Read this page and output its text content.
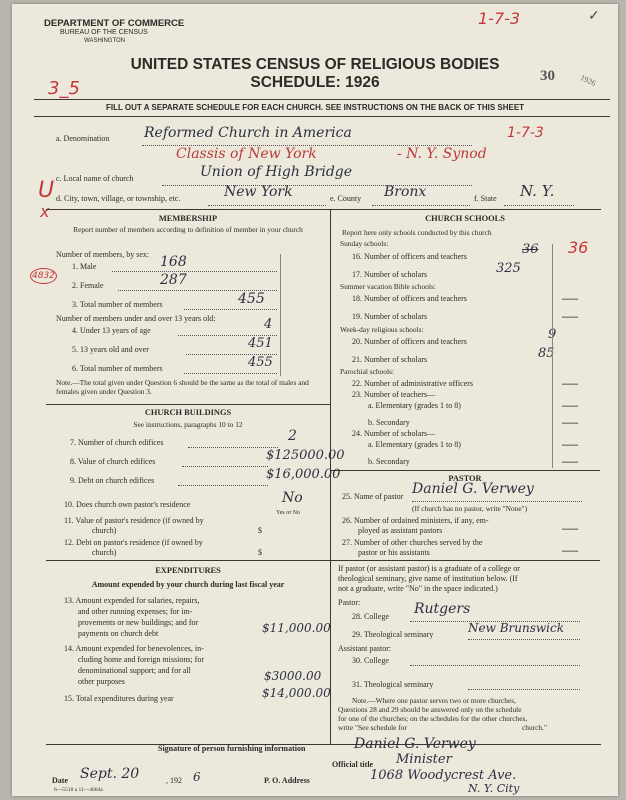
DEPARTMENT OF COMMERCE
BUREAU OF THE CENSUS
WASHINGTON
1-7-3	✓
UNITED STATES CENSUS OF RELIGIOUS BODIES
SCHEDULE: 1926
3_5
30	1926
FILL OUT A SEPARATE SCHEDULE FOR EACH CHURCH. SEE INSTRUCTIONS ON THE BACK OF THIS SHEET
a. Denomination Reformed Church in America	1-7-3
Classis of New York	- N. Y. Synod
c. Local name of church	Union of High Bridge
U
x
d. City, town, village, or township, etc.	New York	e. County Bronx	f. State N. Y.
MEMBERSHIP
Report number of members according to definition of member in your church
Number of members, by sex:
4832
1. Male	168
2. Female	287
3. Total number of members	455
Number of members under and over 13 years old:
4. Under 13 years of age	4
5. 13 years old and over	451
6. Total number of members	455
Note.—The total given under Question 6 should be the same as the total of males and females given under Question 3.
CHURCH BUILDINGS
See instructions, paragraphs 10 to 12
7. Number of church edifices	2
8. Value of church edifices	$125000.00
9. Debt on church edifices	$16,000.00
10. Does church own pastor's residence	No
Yes or No
11. Value of pastor's residence (if owned by
church)	$
12. Debt on pastor's residence (if owned by
church)	$
EXPENDITURES
Amount expended by your church during last fiscal year
13. Amount expended for salaries, repairs,
and other running expenses; for im-
provements or new buildings; and for
payments on church debt	$11,000.00
14. Amount expended for benevolences, in-
cluding home and foreign missions; for
denominational support; and for all
other purposes	$3000.00
15. Total expenditures during year	$14,000.00
CHURCH SCHOOLS
Report here only schools conducted by this church
Sunday schools:
16. Number of officers and teachers	36 36
17. Number of scholars	325
Summer vacation Bible schools:
18. Number of officers and teachers	—
19. Number of scholars	—
Week-day religious schools:
20. Number of officers and teachers	9
21. Number of scholars	85
Parochial schools:
22. Number of administrative officers	—
23. Number of teachers—
a. Elementary (grades 1 to 8)	—
b. Secondary	—
24. Number of scholars—
a. Elementary (grades 1 to 8)	—
b. Secondary	—
PASTOR
25. Name of pastor Daniel G. Verwey
(If church has no pastor, write "None")
26. Number of ordained ministers, if any, em-
ployed as assistant pastors	—
27. Number of other churches served by the
pastor or his assistants	—
If pastor (or assistant pastor) is a graduate of a college or
theological seminary, give name of institution below. (If
not a graduate, write "No" in the space indicated.)
Pastor:
28. College Rutgers
29. Theological seminary	New Brunswick
Assistant pastor:
30. College
31. Theological seminary
Note.—Where one pastor serves two or more churches,
Questions 28 and 29 should be answered only on the schedule
for one of the churches; on the schedules for the other churches,
write "See schedule for	church."
Signature of person furnishing information	Daniel G. Verwey
Official title Minister
Date Sept. 20	, 192 6	P. O. Address	1068 Woodycrest Ave.
N. Y. City
6—5518 a 11—4664a
